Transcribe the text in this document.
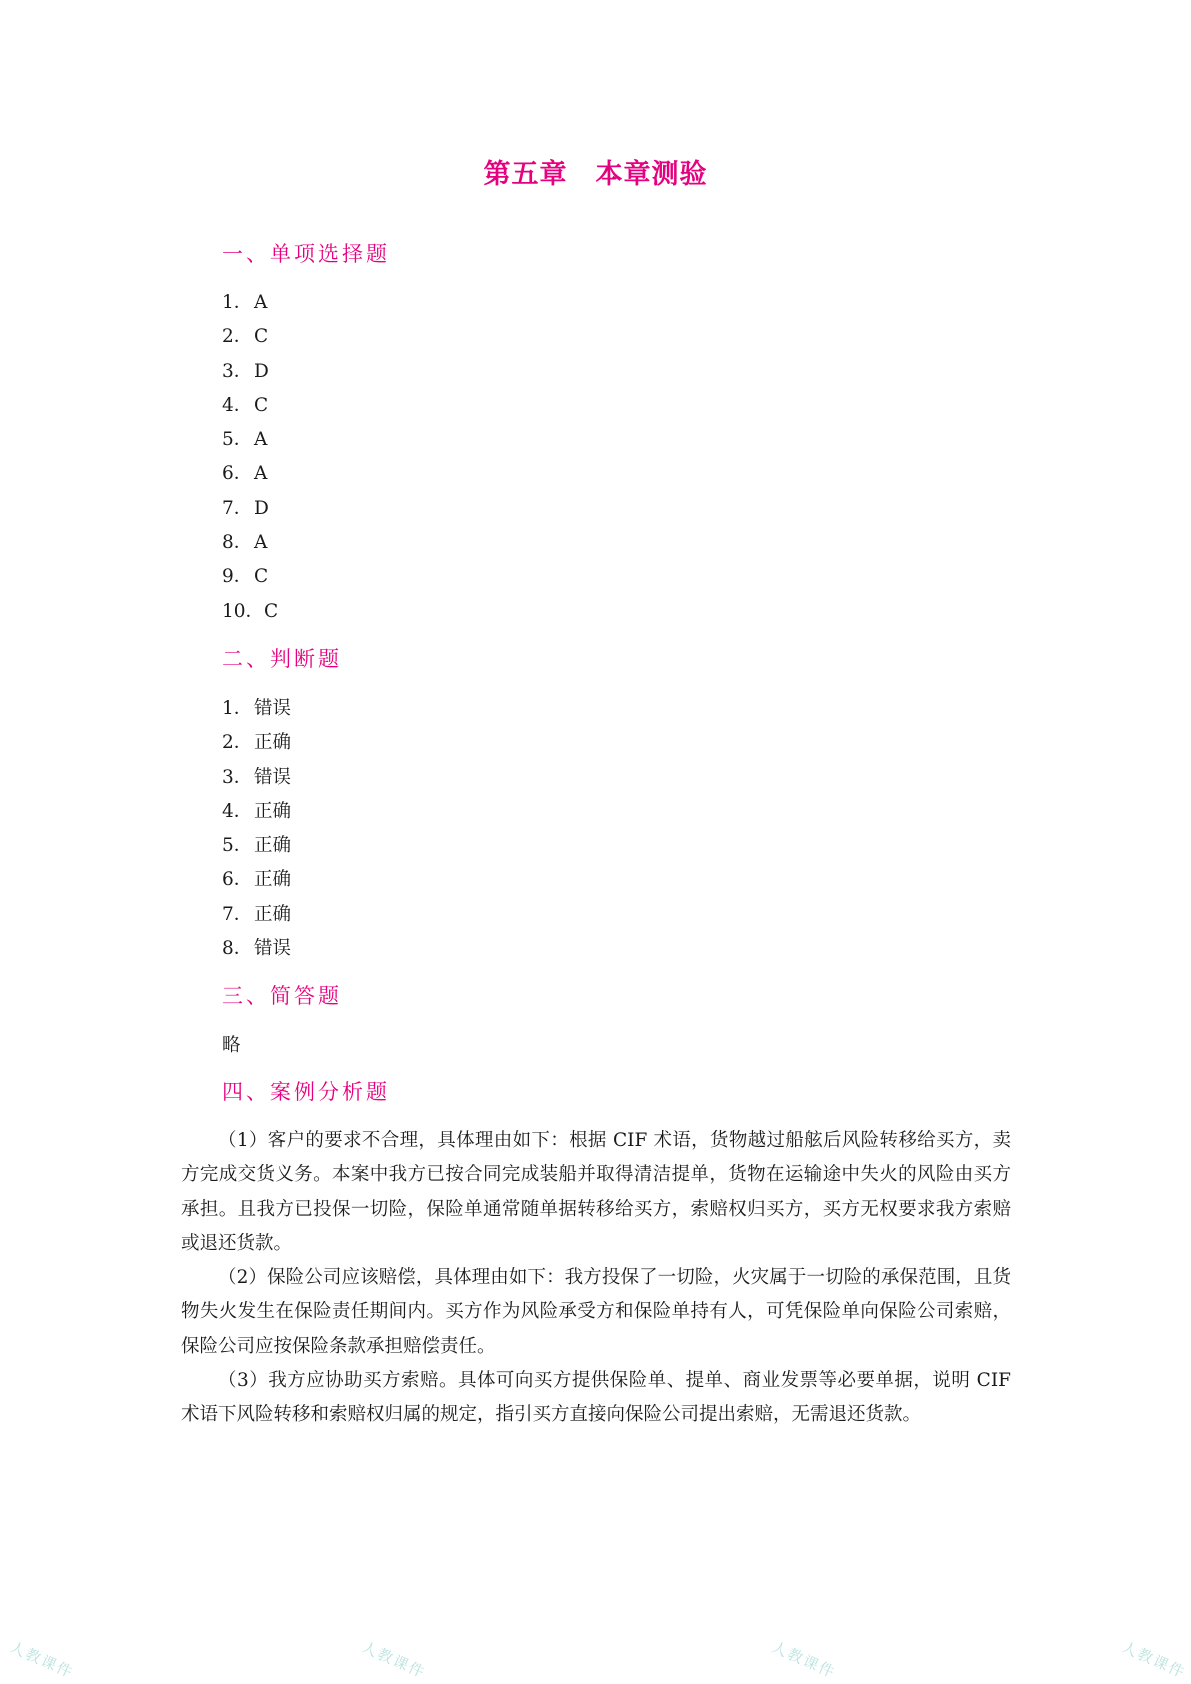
第五章　本章测验
一、单项选择题
1．A
2．C
3．D
4．C
5．A
6．A
7．D
8．A
9．C
10．C
二、判断题
1．错误
2．正确
3．错误
4．正确
5．正确
6．正确
7．正确
8．错误
三、简答题
略
四、案例分析题

（1）客户的要求不合理，具体理由如下：根据 CIF 术语，货物越过船舷后风险转移给买方，卖方完成交货义务。本案中我方已按合同完成装船并取得清洁提单，货物在运输途中失火的风险由买方承担。且我方已投保一切险，保险单通常随单据转移给买方，索赔权归买方，买方无权要求我方索赔或退还货款。

（2）保险公司应该赔偿，具体理由如下：我方投保了一切险，火灾属于一切险的承保范围，且货物失火发生在保险责任期间内。买方作为风险承受方和保险单持有人，可凭保险单向保险公司索赔，保险公司应按保险条款承担赔偿责任。

（3）我方应协助买方索赔。具体可向买方提供保险单、提单、商业发票等必要单据，说明 CIF 术语下风险转移和索赔权归属的规定，指引买方直接向保险公司提出索赔，无需退还货款。

人教课件	人教课件	人教课件	人教课件
